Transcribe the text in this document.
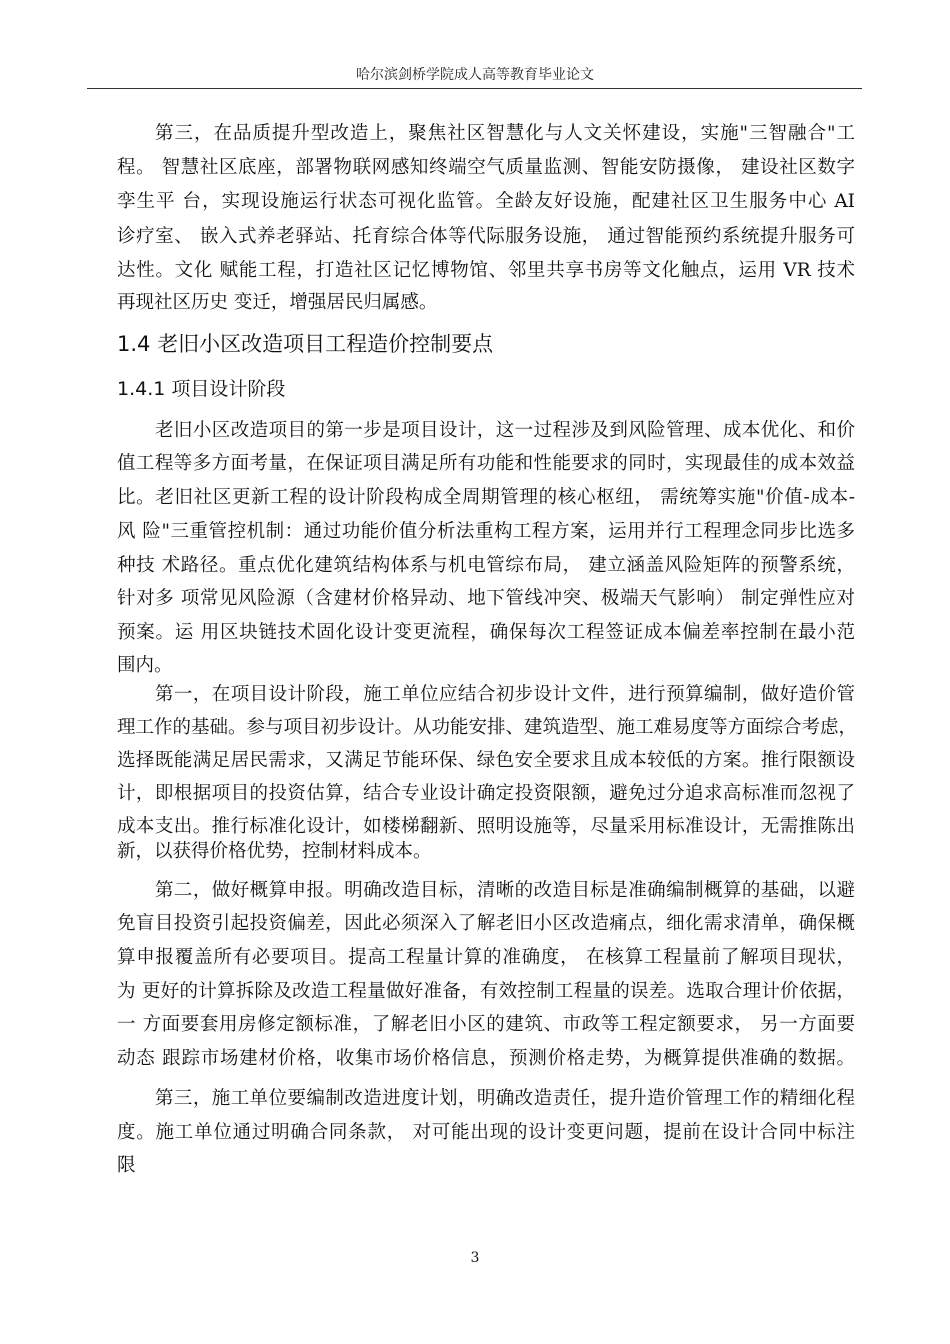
哈尔滨剑桥学院成人高等教育毕业论文
第三，在品质提升型改造上，聚焦社区智慧化与人文关怀建设，实施"三智融合"工
程。 智慧社区底座，部署物联网感知终端空气质量监测、智能安防摄像， 建设社区数字
孪生平 台，实现设施运行状态可视化监管。全龄友好设施，配建社区卫生服务中心 AI
诊疗室、 嵌入式养老驿站、托育综合体等代际服务设施， 通过智能预约系统提升服务可
达性。文化 赋能工程，打造社区记忆博物馆、邻里共享书房等文化触点，运用 VR 技术
再现社区历史 变迁，增强居民归属感。
1.4 老旧小区改造项目工程造价控制要点
1.4.1 项目设计阶段
老旧小区改造项目的第一步是项目设计，这一过程涉及到风险管理、成本优化、和价
值工程等多方面考量，在保证项目满足所有功能和性能要求的同时，实现最佳的成本效益
比。老旧社区更新工程的设计阶段构成全周期管理的核心枢纽， 需统筹实施"价值-成本-
风 险"三重管控机制：通过功能价值分析法重构工程方案，运用并行工程理念同步比选多
种技 术路径。重点优化建筑结构体系与机电管综布局， 建立涵盖风险矩阵的预警系统，
针对多 项常见风险源（含建材价格异动、地下管线冲突、极端天气影响） 制定弹性应对
预案。运 用区块链技术固化设计变更流程，确保每次工程签证成本偏差率控制在最小范
围内。
第一，在项目设计阶段，施工单位应结合初步设计文件，进行预算编制，做好造价管
理工作的基础。参与项目初步设计。从功能安排、建筑造型、施工难易度等方面综合考虑，
选择既能满足居民需求，又满足节能环保、绿色安全要求且成本较低的方案。推行限额设
计，即根据项目的投资估算，结合专业设计确定投资限额，避免过分追求高标准而忽视了
成本支出。推行标准化设计，如楼梯翻新、照明设施等，尽量采用标准设计，无需推陈出
新，以获得价格优势，控制材料成本。
第二，做好概算申报。明确改造目标，清晰的改造目标是准确编制概算的基础，以避
免盲目投资引起投资偏差，因此必须深入了解老旧小区改造痛点，细化需求清单，确保概
算申报覆盖所有必要项目。提高工程量计算的准确度， 在核算工程量前了解项目现状，
为 更好的计算拆除及改造工程量做好准备，有效控制工程量的误差。选取合理计价依据，
一 方面要套用房修定额标准，了解老旧小区的建筑、市政等工程定额要求， 另一方面要
动态 跟踪市场建材价格，收集市场价格信息，预测价格走势，为概算提供准确的数据。
第三，施工单位要编制改造进度计划，明确改造责任，提升造价管理工作的精细化程
度。施工单位通过明确合同条款， 对可能出现的设计变更问题，提前在设计合同中标注
限
3
